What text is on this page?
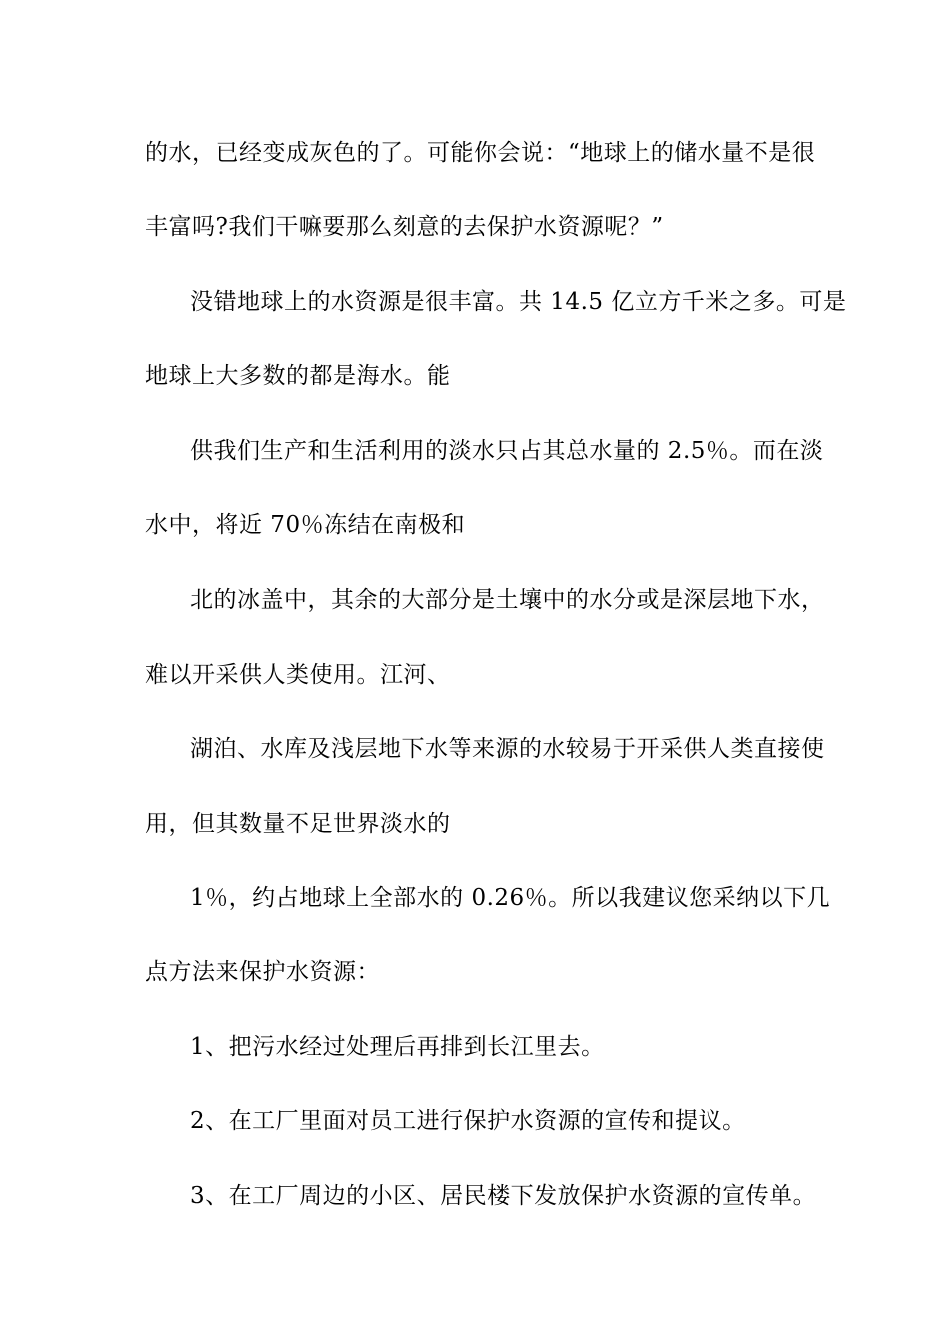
的水，已经变成灰色的了。可能你会说：“地球上的储水量不是很
丰富吗?我们干嘛要那么刻意的去保护水资源呢？”
没错地球上的水资源是很丰富。共 14.5 亿立方千米之多。可是
地球上大多数的都是海水。能
供我们生产和生活利用的淡水只占其总水量的 2.5％。而在淡
水中，将近 70％冻结在南极和
北的冰盖中，其余的大部分是土壤中的水分或是深层地下水，
难以开采供人类使用。江河、
湖泊、水库及浅层地下水等来源的水较易于开采供人类直接使
用，但其数量不足世界淡水的
1％，约占地球上全部水的 0.26％。所以我建议您采纳以下几
点方法来保护水资源：
1、把污水经过处理后再排到长江里去。
2、在工厂里面对员工进行保护水资源的宣传和提议。
3、在工厂周边的小区、居民楼下发放保护水资源的宣传单。
